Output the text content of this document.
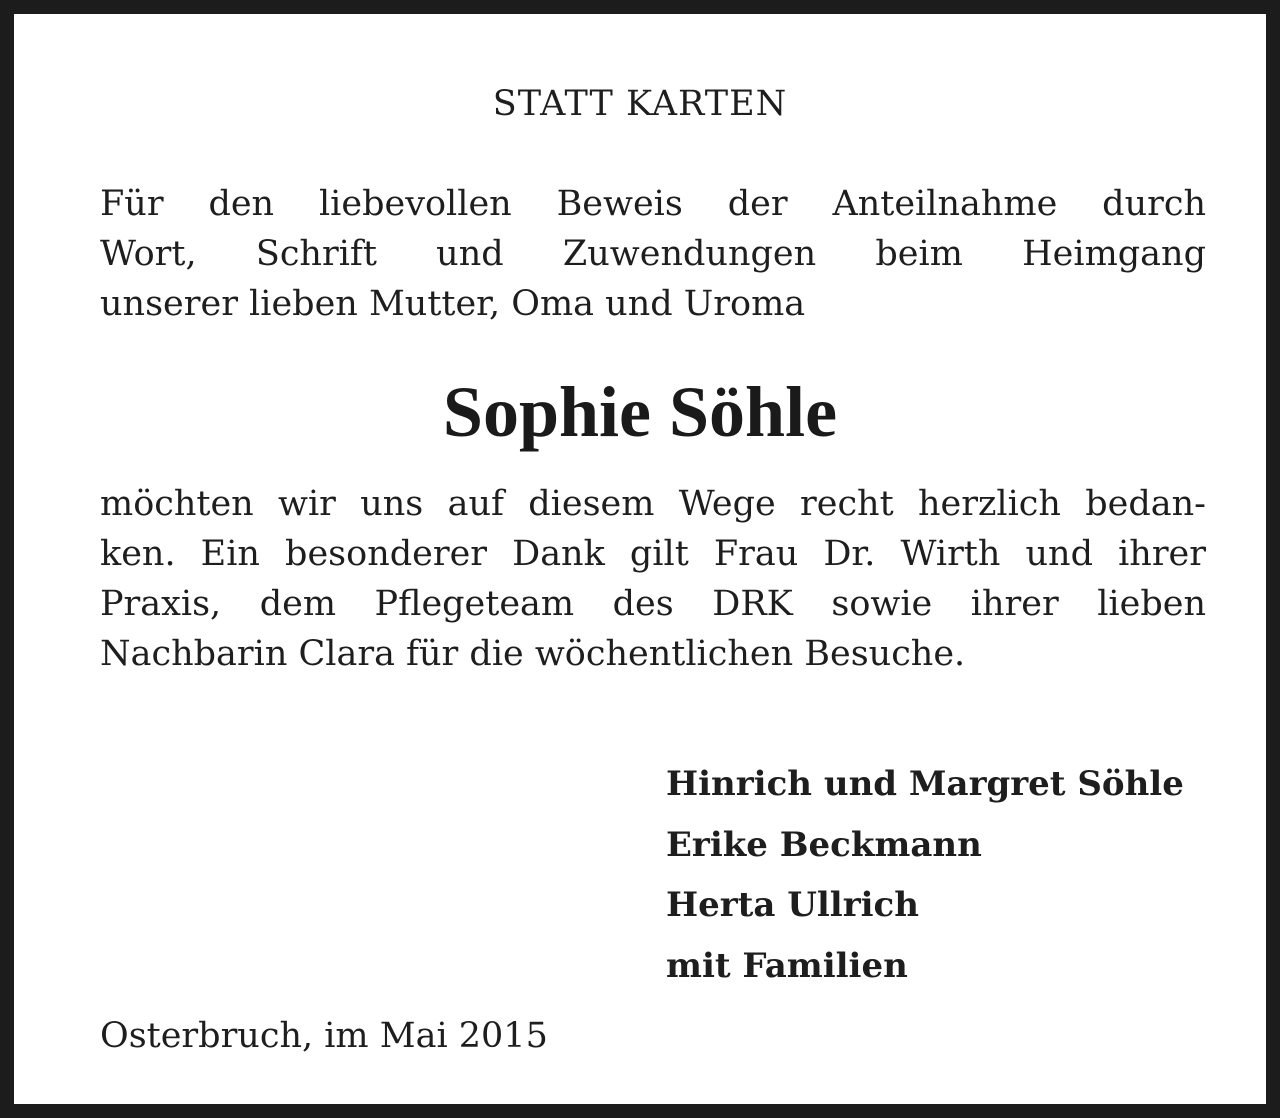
STATT KARTEN
Für den liebevollen Beweis der Anteilnahme durch
Wort, Schrift und Zuwendungen beim Heimgang
unserer lieben Mutter, Oma und Uroma
Sophie Söhle
möchten wir uns auf diesem Wege recht herzlich bedan-
ken. Ein besonderer Dank gilt Frau Dr. Wirth und ihrer
Praxis, dem Pflegeteam des DRK sowie ihrer lieben
Nachbarin Clara für die wöchentlichen Besuche.
Hinrich und Margret Söhle
Erike Beckmann
Herta Ullrich
mit Familien
Osterbruch, im Mai 2015
